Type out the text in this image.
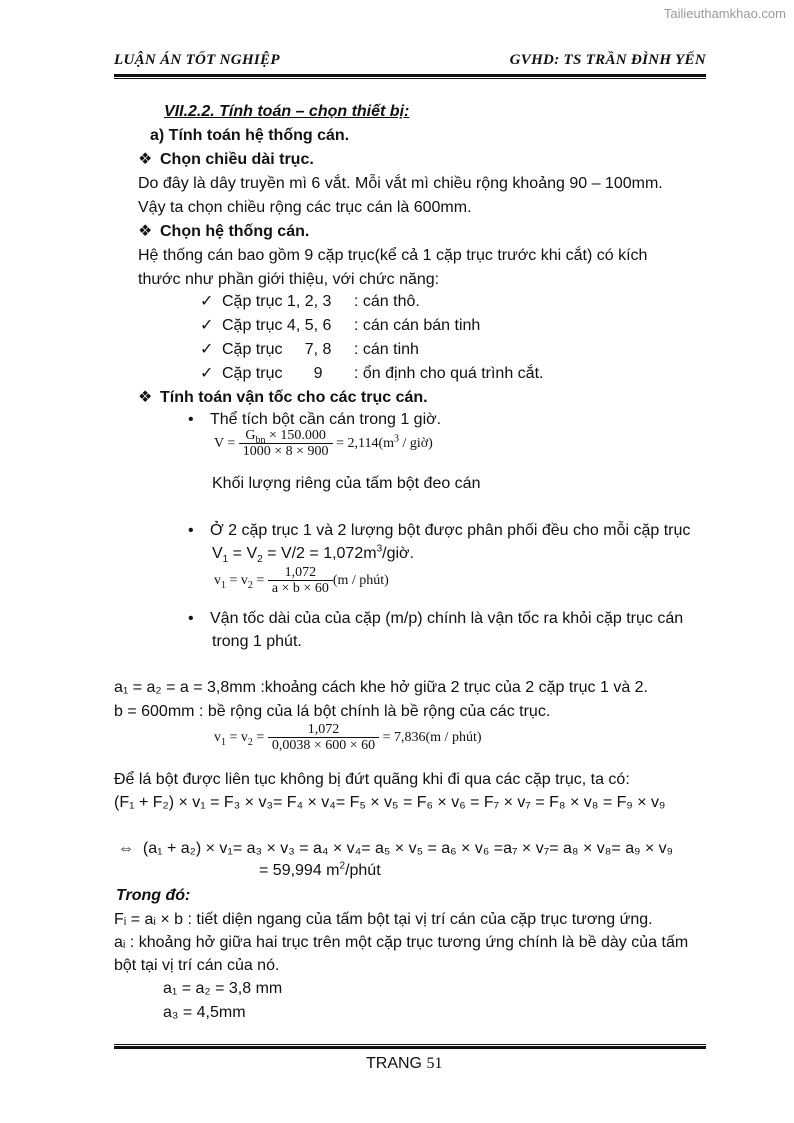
Tailieuthamkhao.com
LUẬN ÁN TỐT NGHIỆP	GVHD: TS TRẦN ĐÌNH YẾN
VII.2.2. Tính toán – chọn thiết bị:
a) Tính toán hệ thống cán.
❖ Chọn chiều dài trục.
Do đây là dây truyền mì 6 vắt. Mỗi vắt mì chiều rộng khoảng 90 – 100mm.
Vậy ta chọn chiều rộng các trục cán là 600mm.
❖ Chọn hệ thống cán.
Hệ thống cán bao gồm 9 cặp trục(kể cả 1 cặp trục trước khi cắt) có kích
thước như phần giới thiệu, với chức năng:
✓ Cặp trục 1, 2, 3 : cán thô.
✓ Cặp trục 4, 5, 6 : cán cán bán tinh
✓ Cặp trục     7, 8 : cán tinh
✓ Cặp trục       9 : ổn định cho quá trình cắt.
❖ Tính toán vận tốc cho các trục cán.
• Thể tích bột cần cán trong 1 giờ.
$V = \frac{G_{bn} \times 150.000}{1000 \times 8 \times 900} = 2,114(m^3$ / giờ)
Khối lượng riêng của tấm bột đeo cán
• Ở 2 cặp trục 1 và 2 lượng bột được phân phối đều cho mỗi cặp trục
$V_1 = V_2 = V/2$ = $1,072m^3$/giờ.
$v_1 = v_2 = \frac{1,072}{a \times b \times 60} (m$ / phút)
• Vận tốc dài của của cặp (m/p) chính là vận tốc ra khỏi cặp trục cán
trong 1 phút.
a₁ = a₂ = a = 3,8mm :khoảng cách khe hở giữa 2 trục của 2 cặp trục 1 và 2.
b = 600mm : bề rộng của lá bột chính là bề rộng của các trục.
$v_1 = v_2 = \frac{1,072}{0,0038 \times 600 \times 60} = 7,836(m$ / phút)
Để lá bột được liên tục không bị đứt quãng khi đi qua các cặp trục, ta có:
(F₁ + F₂) × v₁ = F₃ × v₃= F₄ × v₄= F₅ × v₅ = F₆ × v₆ = F₇ × v₇ = F₈ × v₈ = F₉ × v₉
⇔ (a₁ + a₂) × v₁= a₃ × v₃ = a₄ × v₄= a₅ × v₅ = a₆ × v₆ =a₇ × v₇= a₈ × v₈= a₉ × v₉
= 59,994 $m^2$/phút
Trong đó:
Fᵢ = aᵢ × b : tiết diện ngang của tấm bột tại vị trí cán của cặp trục tương ứng.
aᵢ : khoảng hở giữa hai trục trên một cặp trục tương ứng chính là bề dày của tấm
bột tại vị trí cán của nó.
a₁ = a₂ = 3,8 mm
a₃ = 4,5mm
TRANG 51
